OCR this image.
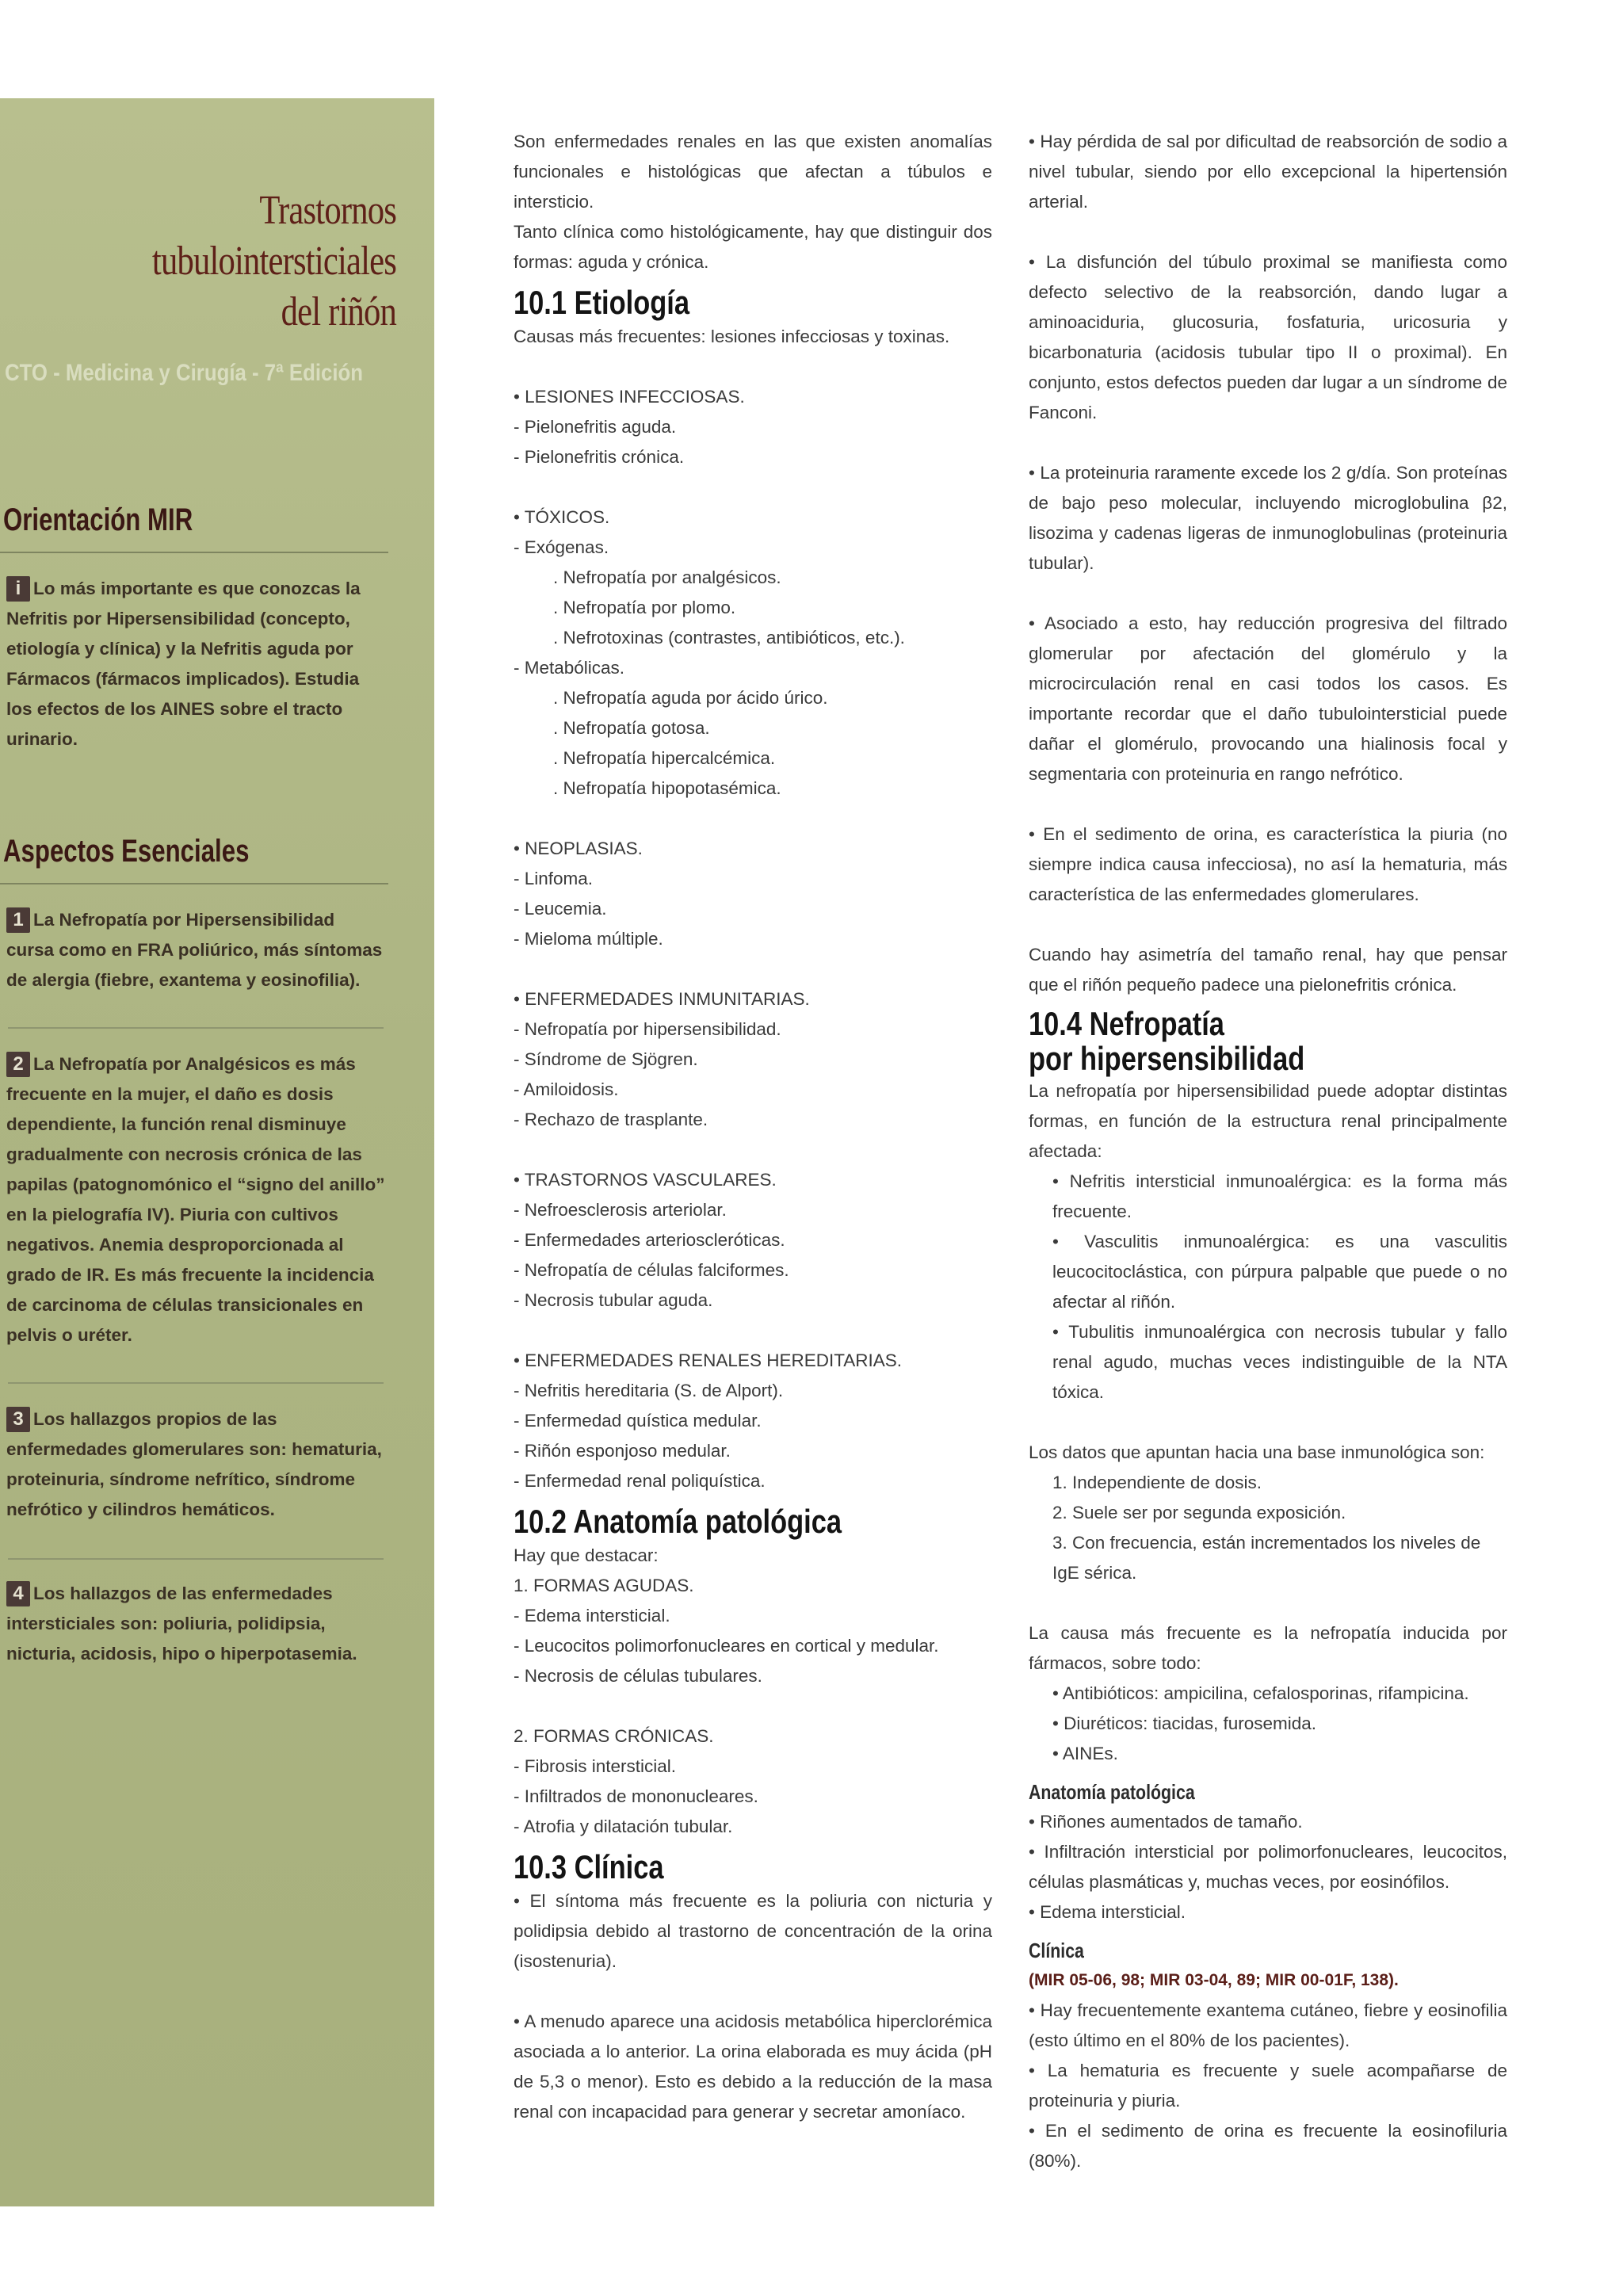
Trastornos tubulointersticiales
del riñón
CTO - Medicina y Cirugía - 7ª Edición
Orientación MIR
i Lo más importante es que conozcas la Nefritis por Hipersensibilidad (concepto, etiología y clínica) y la Nefritis aguda por Fármacos (fármacos implicados). Estudia los efectos de los AINES sobre el tracto urinario.
Aspectos Esenciales
1 La Nefropatía por Hipersensibilidad cursa como en FRA poliúrico, más síntomas de alergia (fiebre, exantema y eosinofilia).
2 La Nefropatía por Analgésicos es más frecuente en la mujer, el daño es dosis dependiente, la función renal disminuye gradualmente con necrosis crónica de las papilas (patognomónico el “signo del anillo” en la pielografía IV). Piuria con cultivos negativos. Anemia desproporcionada al grado de IR. Es más frecuente la incidencia de carcinoma de células transicionales en pelvis o uréter.
3 Los hallazgos propios de las enfermedades glomerulares son: hematuria, proteinuria, síndrome nefrítico, síndrome nefrótico y cilindros hemáticos.
4 Los hallazgos de las enfermedades intersticiales son: poliuria, polidipsia, nicturia, acidosis, hipo o hiperpotasemia.

Son enfermedades renales en las que existen anomalías funcionales e histológicas que afectan a túbulos e intersticio.

Tanto clínica como histológicamente, hay que distinguir dos formas: aguda y crónica.

10.1 Etiología

Causas más frecuentes: lesiones infecciosas y toxinas.

• LESIONES INFECCIOSAS.

- Pielonefritis aguda.

- Pielonefritis crónica.

• TÓXICOS.

- Exógenas.

. Nefropatía por analgésicos.

. Nefropatía por plomo.

. Nefrotoxinas (contrastes, antibióticos, etc.).

- Metabólicas.

. Nefropatía aguda por ácido úrico.

. Nefropatía gotosa.

. Nefropatía hipercalcémica.

. Nefropatía hipopotasémica.

• NEOPLASIAS.

- Linfoma.

- Leucemia.

- Mieloma múltiple.

• ENFERMEDADES INMUNITARIAS.

- Nefropatía por hipersensibilidad.

- Síndrome de Sjögren.

- Amiloidosis.

- Rechazo de trasplante.

• TRASTORNOS VASCULARES.

- Nefroesclerosis arteriolar.

- Enfermedades arterioscleróticas.

- Nefropatía de células falciformes.

- Necrosis tubular aguda.

• ENFERMEDADES RENALES HEREDITARIAS.

- Nefritis hereditaria (S. de Alport).

- Enfermedad quística medular.

- Riñón esponjoso medular.

- Enfermedad renal poliquística.

10.2 Anatomía patológica

Hay que destacar:

1. FORMAS AGUDAS.

- Edema intersticial.

- Leucocitos polimorfonucleares en cortical y medular.

- Necrosis de células tubulares.

2. FORMAS CRÓNICAS.

- Fibrosis intersticial.

- Infiltrados de mononucleares.

- Atrofia y dilatación tubular.

10.3 Clínica

• El síntoma más frecuente es la poliuria con nicturia y polidipsia debido al trastorno de concentración de la orina (isostenuria).

• A menudo aparece una acidosis metabólica hiperclorémica asociada a lo anterior. La orina elaborada es muy ácida (pH de 5,3 o menor). Esto es debido a la reducción de la masa renal con incapacidad para generar y secretar amoníaco.

• Hay pérdida de sal por dificultad de reabsorción de sodio a nivel tubular, siendo por ello excepcional la hipertensión arterial.

• La disfunción del túbulo proximal se manifiesta como defecto selectivo de la reabsorción, dando lugar a aminoaciduria, glucosuria, fosfaturia, uricosuria y bicarbonaturia (acidosis tubular tipo II o proximal). En conjunto, estos defectos pueden dar lugar a un síndrome de Fanconi.

• La proteinuria raramente excede los 2 g/día. Son proteínas de bajo peso molecular, incluyendo microglobulina β2, lisozima y cadenas ligeras de inmunoglobulinas (proteinuria tubular).

• Asociado a esto, hay reducción progresiva del filtrado glomerular por afectación del glomérulo y la microcirculación renal en casi todos los casos. Es importante recordar que el daño tubulointersticial puede dañar el glomérulo, provocando una hialinosis focal y segmentaria con proteinuria en rango nefrótico.

• En el sedimento de orina, es característica la piuria (no siempre indica causa infecciosa), no así la hematuria, más característica de las enfermedades glomerulares.

Cuando hay asimetría del tamaño renal, hay que pensar que el riñón pequeño padece una pielonefritis crónica.

10.4 Nefropatía
por hipersensibilidad

La nefropatía por hipersensibilidad puede adoptar distintas formas, en función de la estructura renal principalmente afectada:

• Nefritis intersticial inmunoalérgica: es la forma más frecuente.

• Vasculitis inmunoalérgica: es una vasculitis leucocitoclástica, con púrpura palpable que puede o no afectar al riñón.

• Tubulitis inmunoalérgica con necrosis tubular y fallo renal agudo, muchas veces indistinguible de la NTA tóxica.

Los datos que apuntan hacia una base inmunológica son:

1. Independiente de dosis.

2. Suele ser por segunda exposición.

3. Con frecuencia, están incrementados los niveles de IgE sérica.

La causa más frecuente es la nefropatía inducida por fármacos, sobre todo:

• Antibióticos: ampicilina, cefalosporinas, rifampicina.

• Diuréticos: tiacidas, furosemida.

• AINEs.

Anatomía patológica

• Riñones aumentados de tamaño.

• Infiltración intersticial por polimorfonucleares, leucocitos, células plasmáticas y, muchas veces, por eosinófilos.

• Edema intersticial.

Clínica

(MIR 05-06, 98; MIR 03-04, 89; MIR 00-01F, 138).

• Hay frecuentemente exantema cutáneo, fiebre y eosinofilia (esto último en el 80% de los pacientes).

• La hematuria es frecuente y suele acompañarse de proteinuria y piuria.

• En el sedimento de orina es frecuente la eosinofiluria (80%).
